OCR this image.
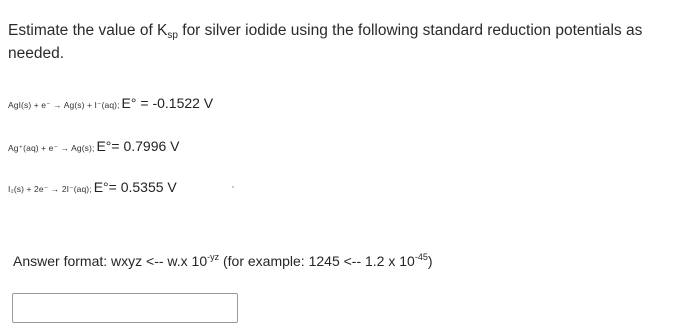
Estimate the value of $K_{sp}$ for silver iodide using the following standard reduction potentials as needed.
AgI(s) + e⁻ → Ag(s) + I⁻(aq); E° = -0.1522 V
Ag⁺(aq) + e⁻ → Ag(s); E°= 0.7996 V
I₂(s) + 2e⁻ → 2I⁻(aq); E°= 0.5355 V
Answer format: wxyz <-- w.x $10^{-yz}$ (for example: 1245 <-- 1.2 x $10^{-45}$)
